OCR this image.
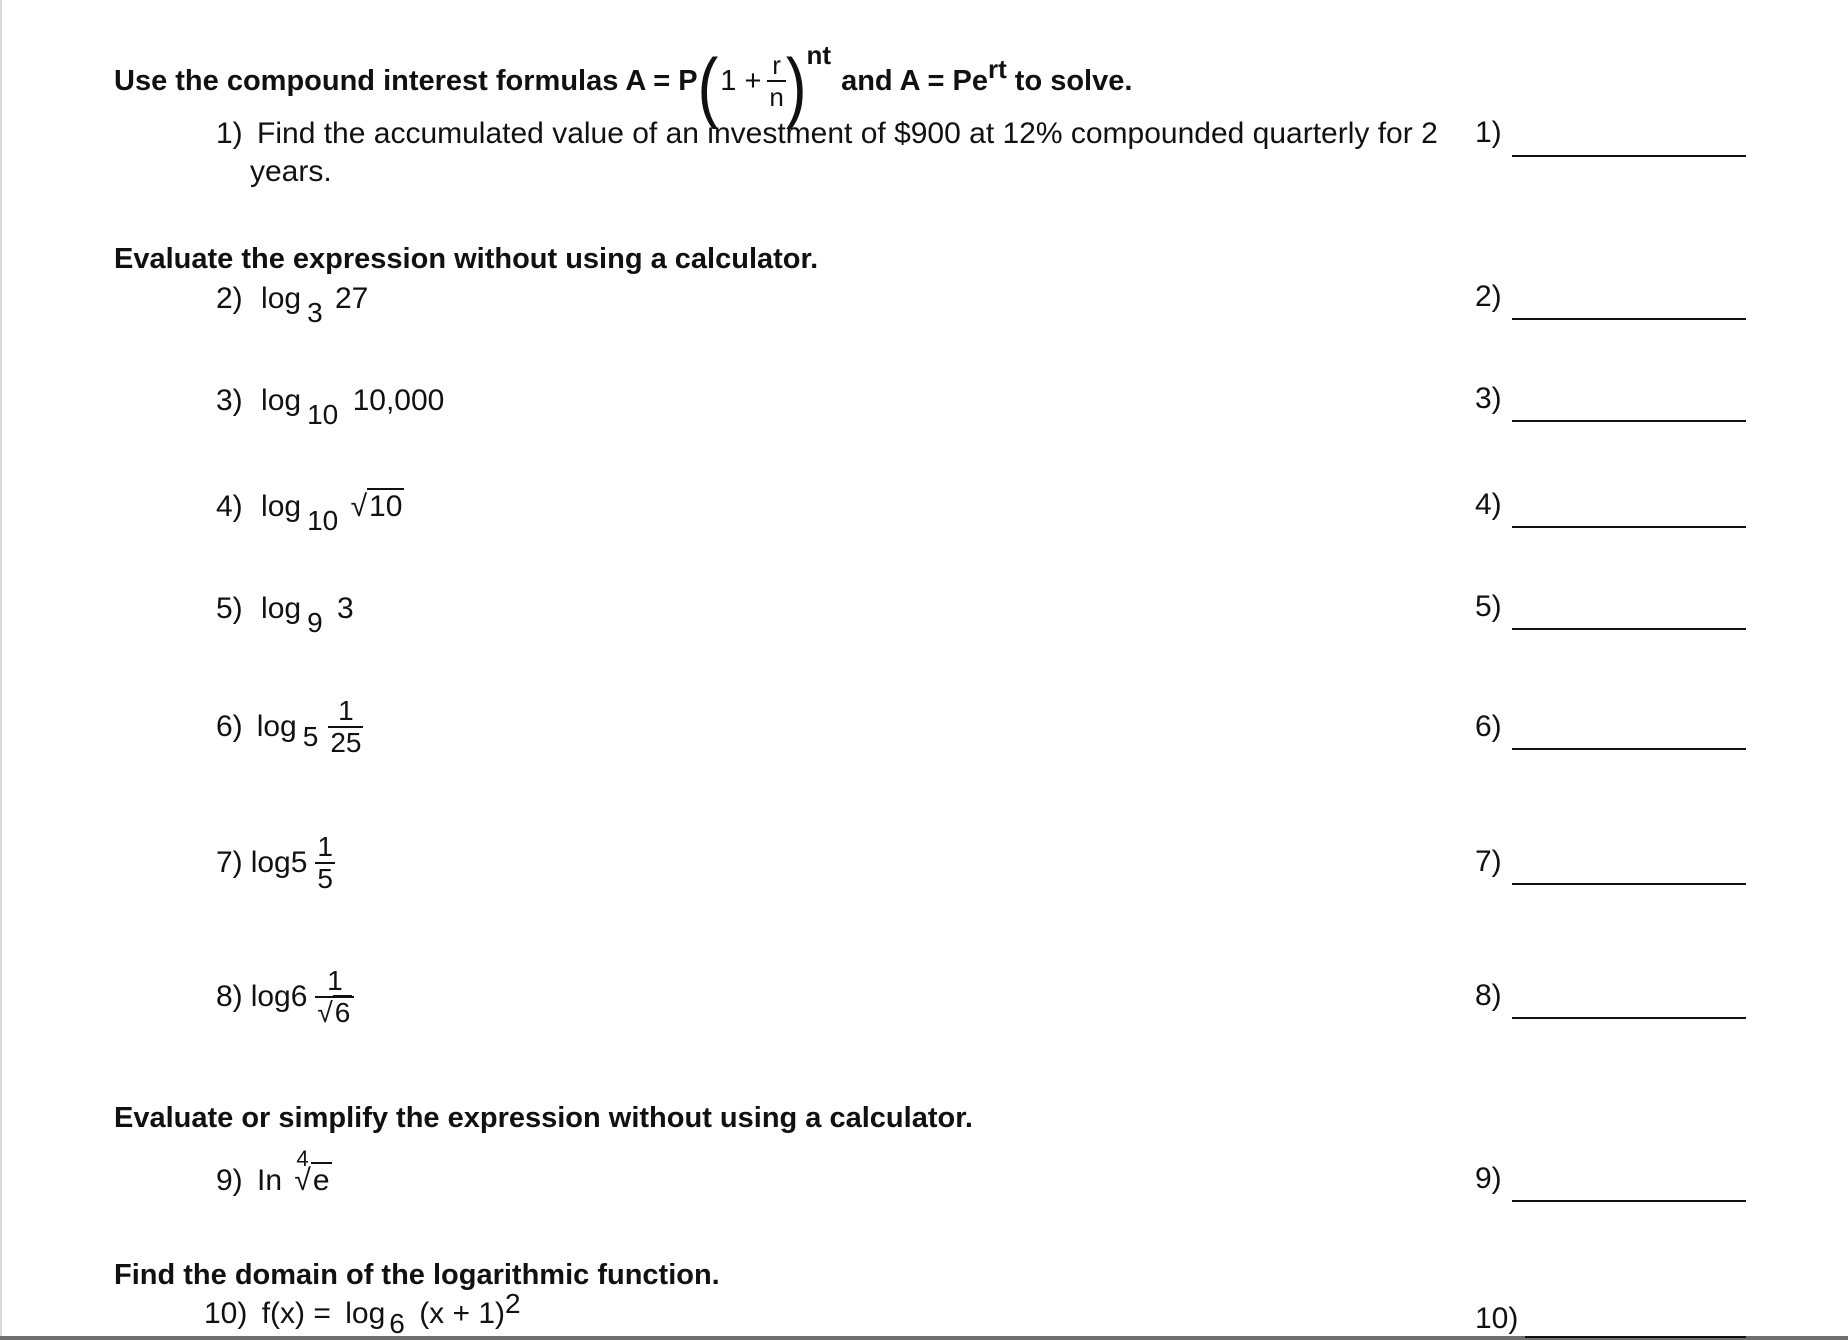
Use the compound interest formulas A = P ( $1 + \frac{r}{n}$ ) nt
and A = Pe rt to solve.
1) Find the accumulated value of an investment of $900 at 12% compounded quarterly for 2
years.
Evaluate the expression without using a calculator.
2) log 3 27
3) log 10 10,000
4) log 10 √10
5) log 9 3
6) $\log 5 \frac{1}{25}$
7) $\log 5 \frac{1}{5}$
8) $\log 6 \frac{1}{√6}$
Evaluate or simplify the expression without using a calculator.
9) In
4
√e
Find the domain of the logarithmic function.
10) f(x) = log 6 (x + 1)2
1)
2)
3)
4)
5)
6)
7)
8)
9)
10)
